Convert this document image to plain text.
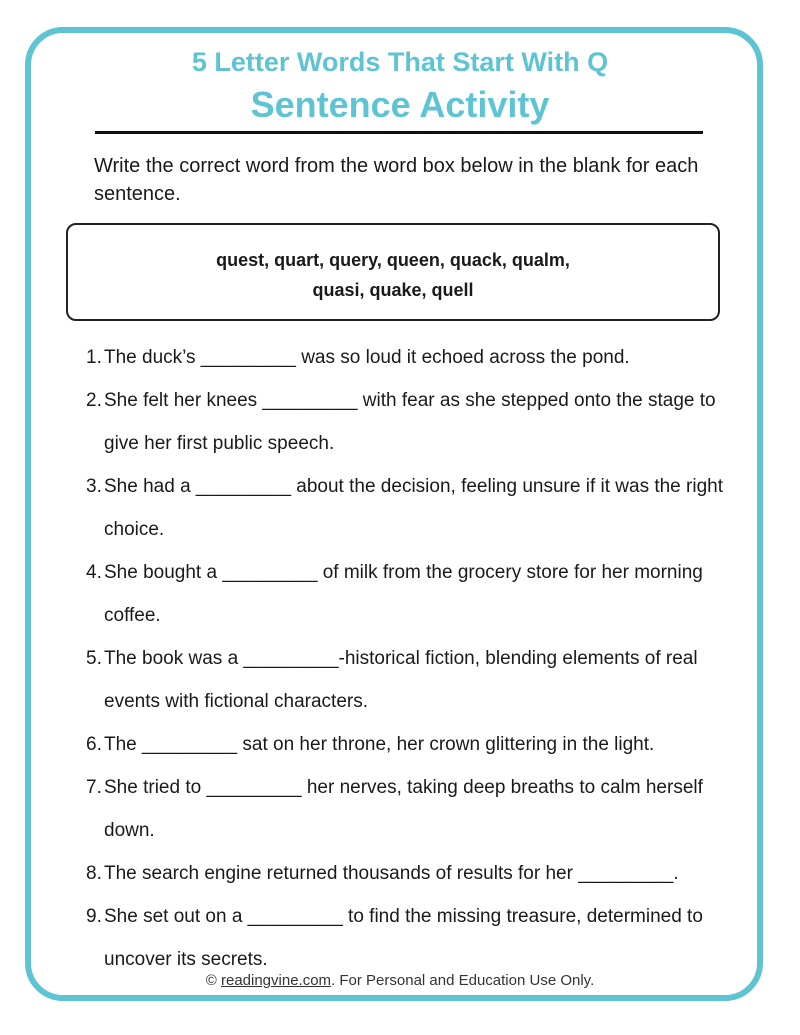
5 Letter Words That Start With Q
Sentence Activity
Write the correct word from the word box below in the blank for each sentence.
quest, quart, query, queen, quack, qualm,
quasi, quake, quell
1. The duck’s _________ was so loud it echoed across the pond.
2. She felt her knees _________ with fear as she stepped onto the stage to give her first public speech.
3. She had a _________ about the decision, feeling unsure if it was the right choice.
4. She bought a _________ of milk from the grocery store for her morning coffee.
5. The book was a _________-historical fiction, blending elements of real events with fictional characters.
6. The _________ sat on her throne, her crown glittering in the light.
7. She tried to _________ her nerves, taking deep breaths to calm herself down.
8. The search engine returned thousands of results for her _________.
9. She set out on a _________ to find the missing treasure, determined to uncover its secrets.
© readingvine.com. For Personal and Education Use Only.
